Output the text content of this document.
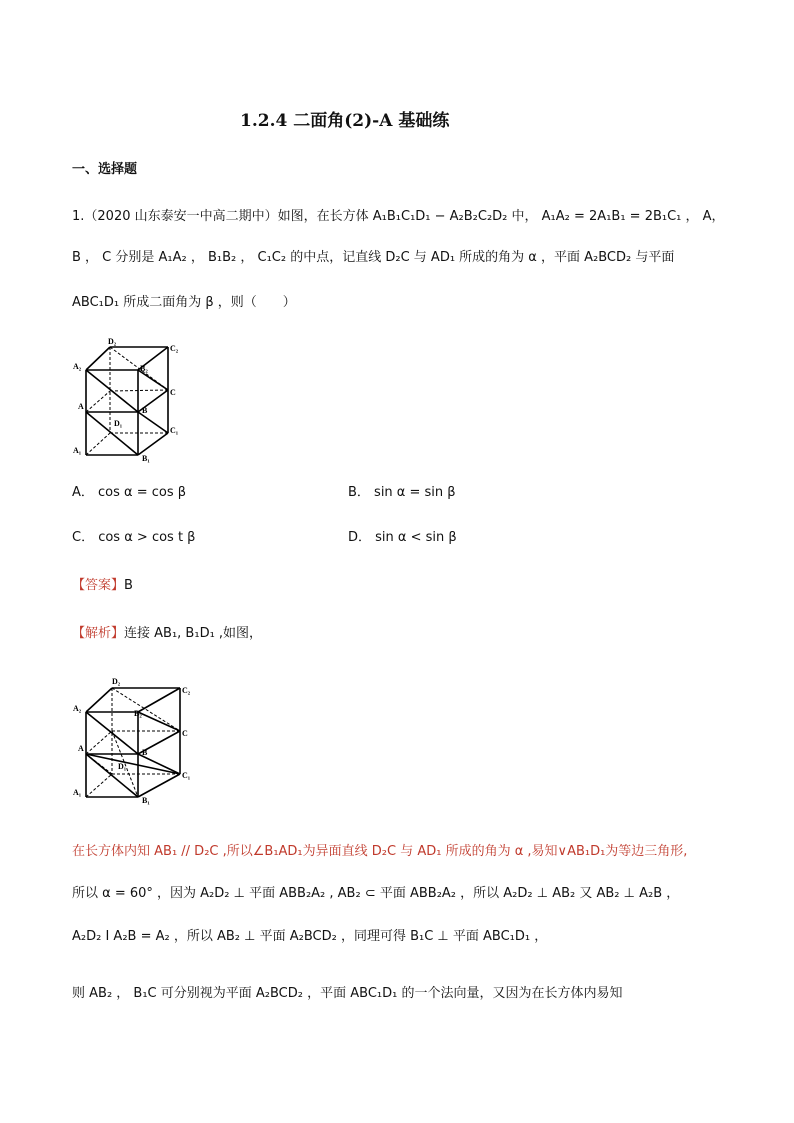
1.2.4 二面角(2)-A 基础练
一、选择题
1.（2020 山东泰安一中高二期中）如图，在长方体 A₁B₁C₁D₁ − A₂B₂C₂D₂ 中， A₁A₂ = 2A₁B₁ = 2B₁C₁ ， A，
B ， C 分别是 A₁A₂ ， B₁B₂ ， C₁C₂ 的中点，记直线 D₂C 与 AD₁ 所成的角为 α ，平面 A₂BCD₂ 与平面
ABC₁D₁ 所成二面角为 β ，则（　　）
D₂
C₂
A₂	B₂
C
A	B
D₁
C₁
A₁
B₁
A． cos α = cos β	B． sin α = sin β
C． cos α > cos t β	D． sin α < sin β
【答案】B
【解析】连接 AB₁, B₁D₁ ,如图，
D₂
C₂
A₂
B₂
C
A	B
D₁
C₁
A₁
B₁
在长方体内知 AB₁ // D₂C ,所以∠B₁AD₁为异面直线 D₂C 与 AD₁ 所成的角为 α ,易知∨AB₁D₁为等边三角形,
所以 α = 60° ，因为 A₂D₂ ⊥ 平面 ABB₂A₂ , AB₂ ⊂ 平面 ABB₂A₂ ，所以 A₂D₂ ⊥ AB₂ 又 AB₂ ⊥ A₂B ，
A₂D₂ I A₂B = A₂ ，所以 AB₂ ⊥ 平面 A₂BCD₂ ，同理可得 B₁C ⊥ 平面 ABC₁D₁ ，
则 AB₂ ， B₁C 可分别视为平面 A₂BCD₂ ，平面 ABC₁D₁ 的一个法向量，又因为在长方体内易知
